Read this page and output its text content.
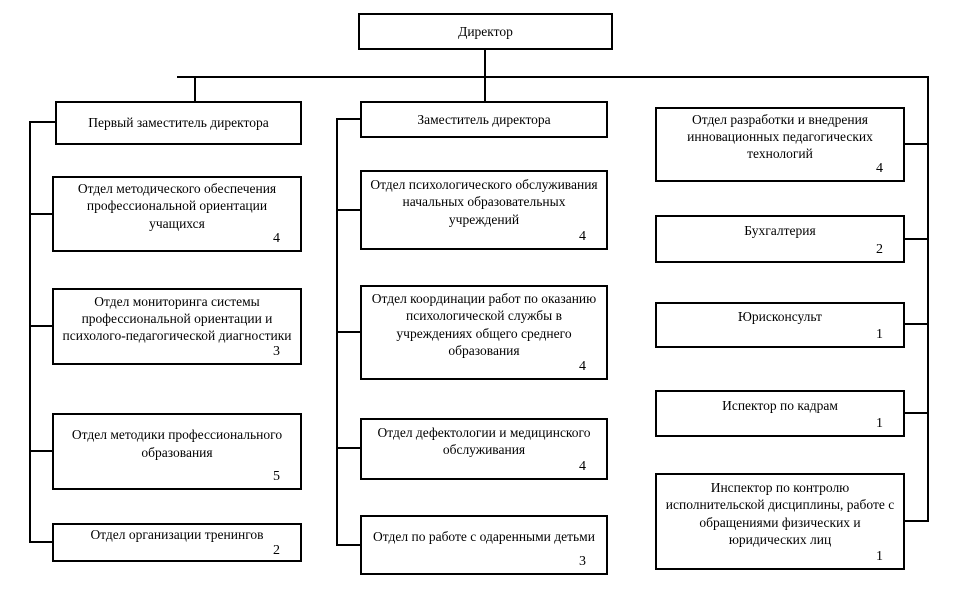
Директор
Первый заместитель директора
Отдел методического обеспечения профессиональной ориентации учащихся
4
Отдел мониторинга системы профессиональной ориентации и психолого-педагогической диагностики
3
Отдел методики профессионального образования
5
Отдел организации тренингов
2
Заместитель директора
Отдел психологического обслуживания начальных образовательных учреждений
4
Отдел координации работ по оказанию психологической службы в учреждениях общего среднего образования
4
Отдел дефектологии и медицинского обслуживания
4
Отдел по работе с одаренными детьми
3
Отдел разработки и внедрения инновационных педагогических технологий
4
Бухгалтерия
2
Юрисконсульт
1
Испектор по кадрам
1
Инспектор по контролю исполнительской дисциплины, работе с обращениями физических и юридических лиц
1
